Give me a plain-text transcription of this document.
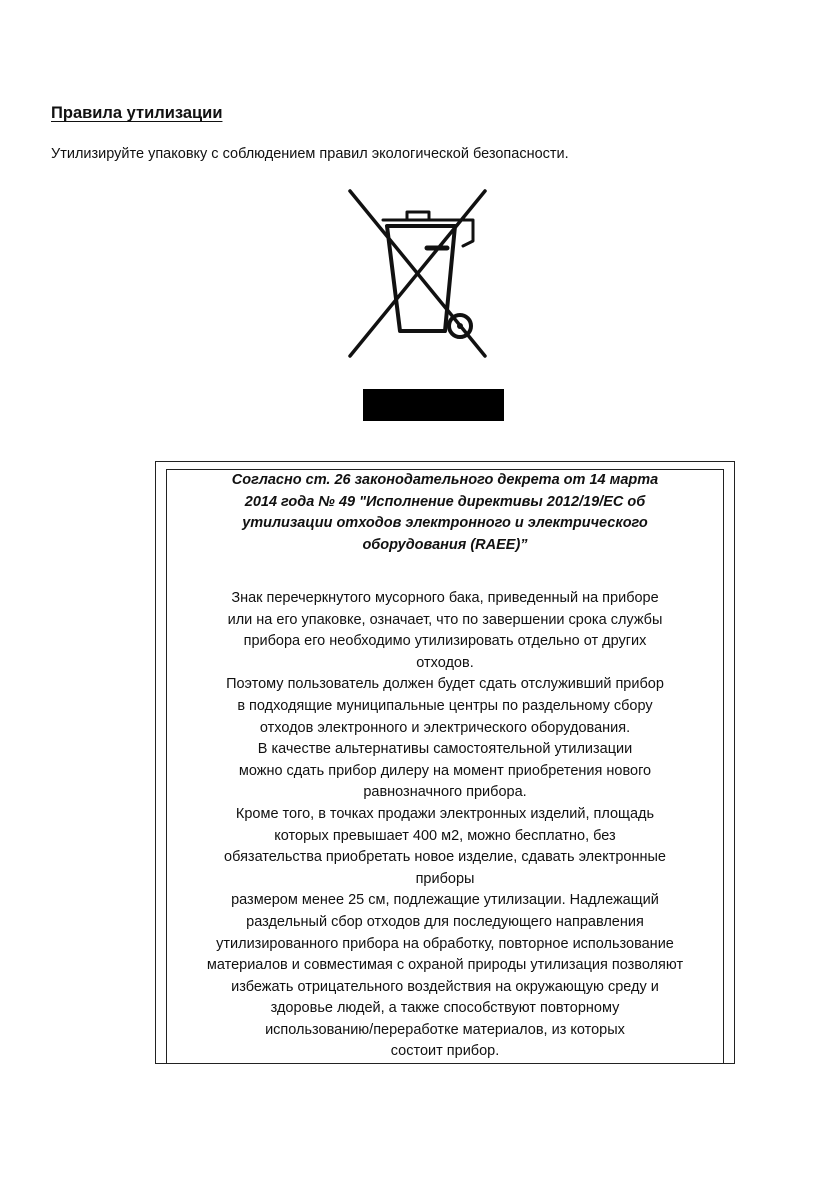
Правила утилизации

Утилизируйте упаковку с соблюдением правил экологической безопасности.

Согласно ст. 26 законодательного декрета от 14 марта
2014 года № 49 "Исполнение директивы 2012/19/EC об
утилизации отходов электронного и электрического
оборудования (RAEE)”
Знак перечеркнутого мусорного бака, приведенный на приборе
или на его упаковке, означает, что по завершении срока службы
прибора его необходимо утилизировать отдельно от других
отходов.
Поэтому пользователь должен будет сдать отслуживший прибор
в подходящие муниципальные центры по раздельному сбору
отходов электронного и электрического оборудования.
В качестве альтернативы самостоятельной утилизации
можно сдать прибор дилеру на момент приобретения нового
равнозначного прибора.
Кроме того, в точках продажи электронных изделий, площадь
которых превышает 400 м2, можно бесплатно, без
обязательства приобретать новое изделие, сдавать электронные
приборы
размером менее 25 см, подлежащие утилизации. Надлежащий
раздельный сбор отходов для последующего направления
утилизированного прибора на обработку, повторное использование
материалов и совместимая с охраной природы утилизация позволяют
избежать отрицательного воздействия на окружающую среду и
здоровье людей, а также способствуют повторному
использованию/переработке материалов, из которых
состоит прибор.
